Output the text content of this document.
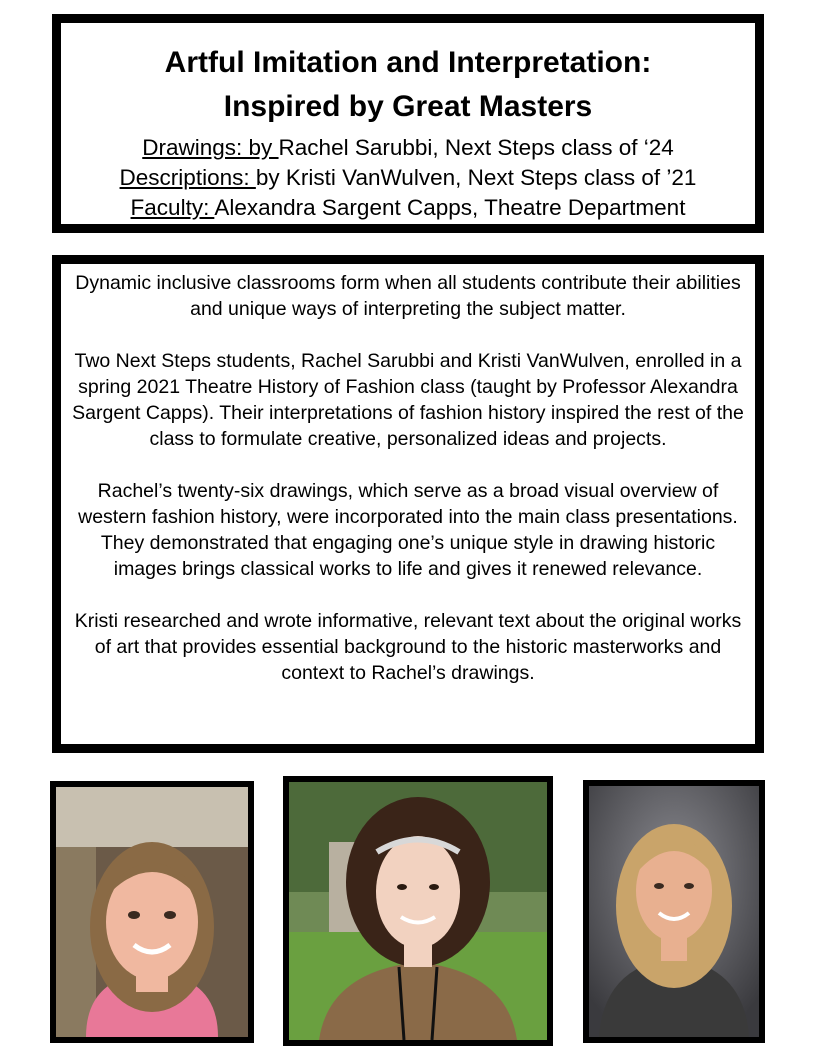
Artful Imitation and Interpretation:
Inspired by Great Masters
Drawings: by Rachel Sarubbi, Next Steps class of ‘24
Descriptions: by Kristi VanWulven, Next Steps class of ’21
Faculty: Alexandra Sargent Capps, Theatre Department

Dynamic inclusive classrooms form when all students contribute their abilities and unique ways of interpreting the subject matter.

Two Next Steps students, Rachel Sarubbi and Kristi VanWulven, enrolled in a spring 2021 Theatre History of Fashion class (taught by Professor Alexandra Sargent Capps). Their interpretations of fashion history inspired the rest of the class to formulate creative, personalized ideas and projects.

Rachel’s twenty-six drawings, which serve as a broad visual overview of western fashion history, were incorporated into the main class presentations. They demonstrated that engaging one’s unique style in drawing historic images brings classical works to life and gives it renewed relevance.

Kristi researched and wrote informative, relevant text about the original works of art that provides essential background to the historic masterworks and context to Rachel’s drawings.
